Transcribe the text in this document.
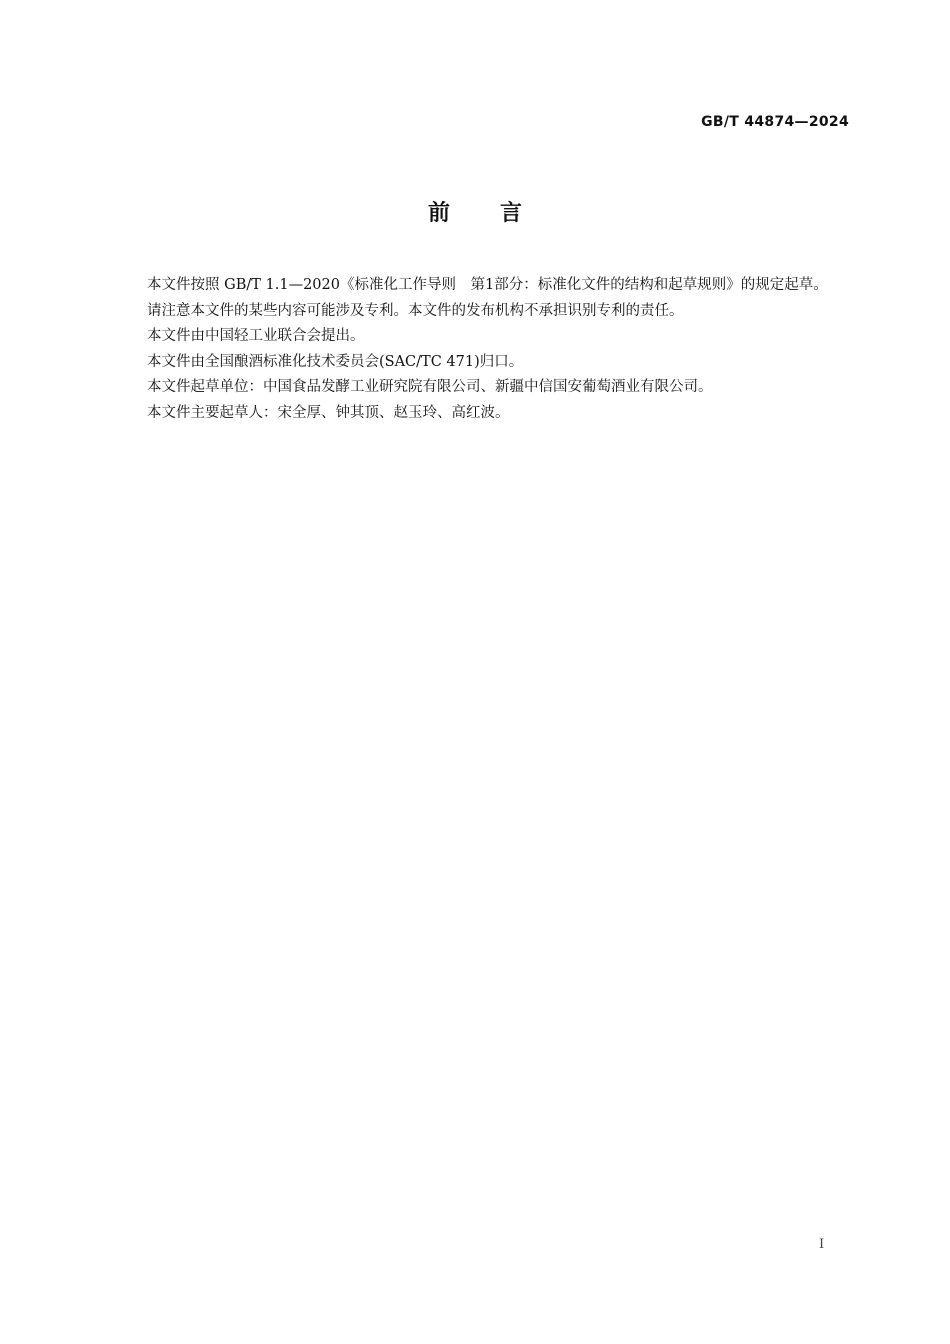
GB/T 44874—2024
前 言

本文件按照 GB/T 1.1—2020《标准化工作导则　第1部分：标准化文件的结构和起草规则》的规定起草。

请注意本文件的某些内容可能涉及专利。本文件的发布机构不承担识别专利的责任。

本文件由中国轻工业联合会提出。

本文件由全国酿酒标准化技术委员会(SAC/TC 471)归口。

本文件起草单位：中国食品发酵工业研究院有限公司、新疆中信国安葡萄酒业有限公司。

本文件主要起草人：宋全厚、钟其顶、赵玉玲、高红波。

I
